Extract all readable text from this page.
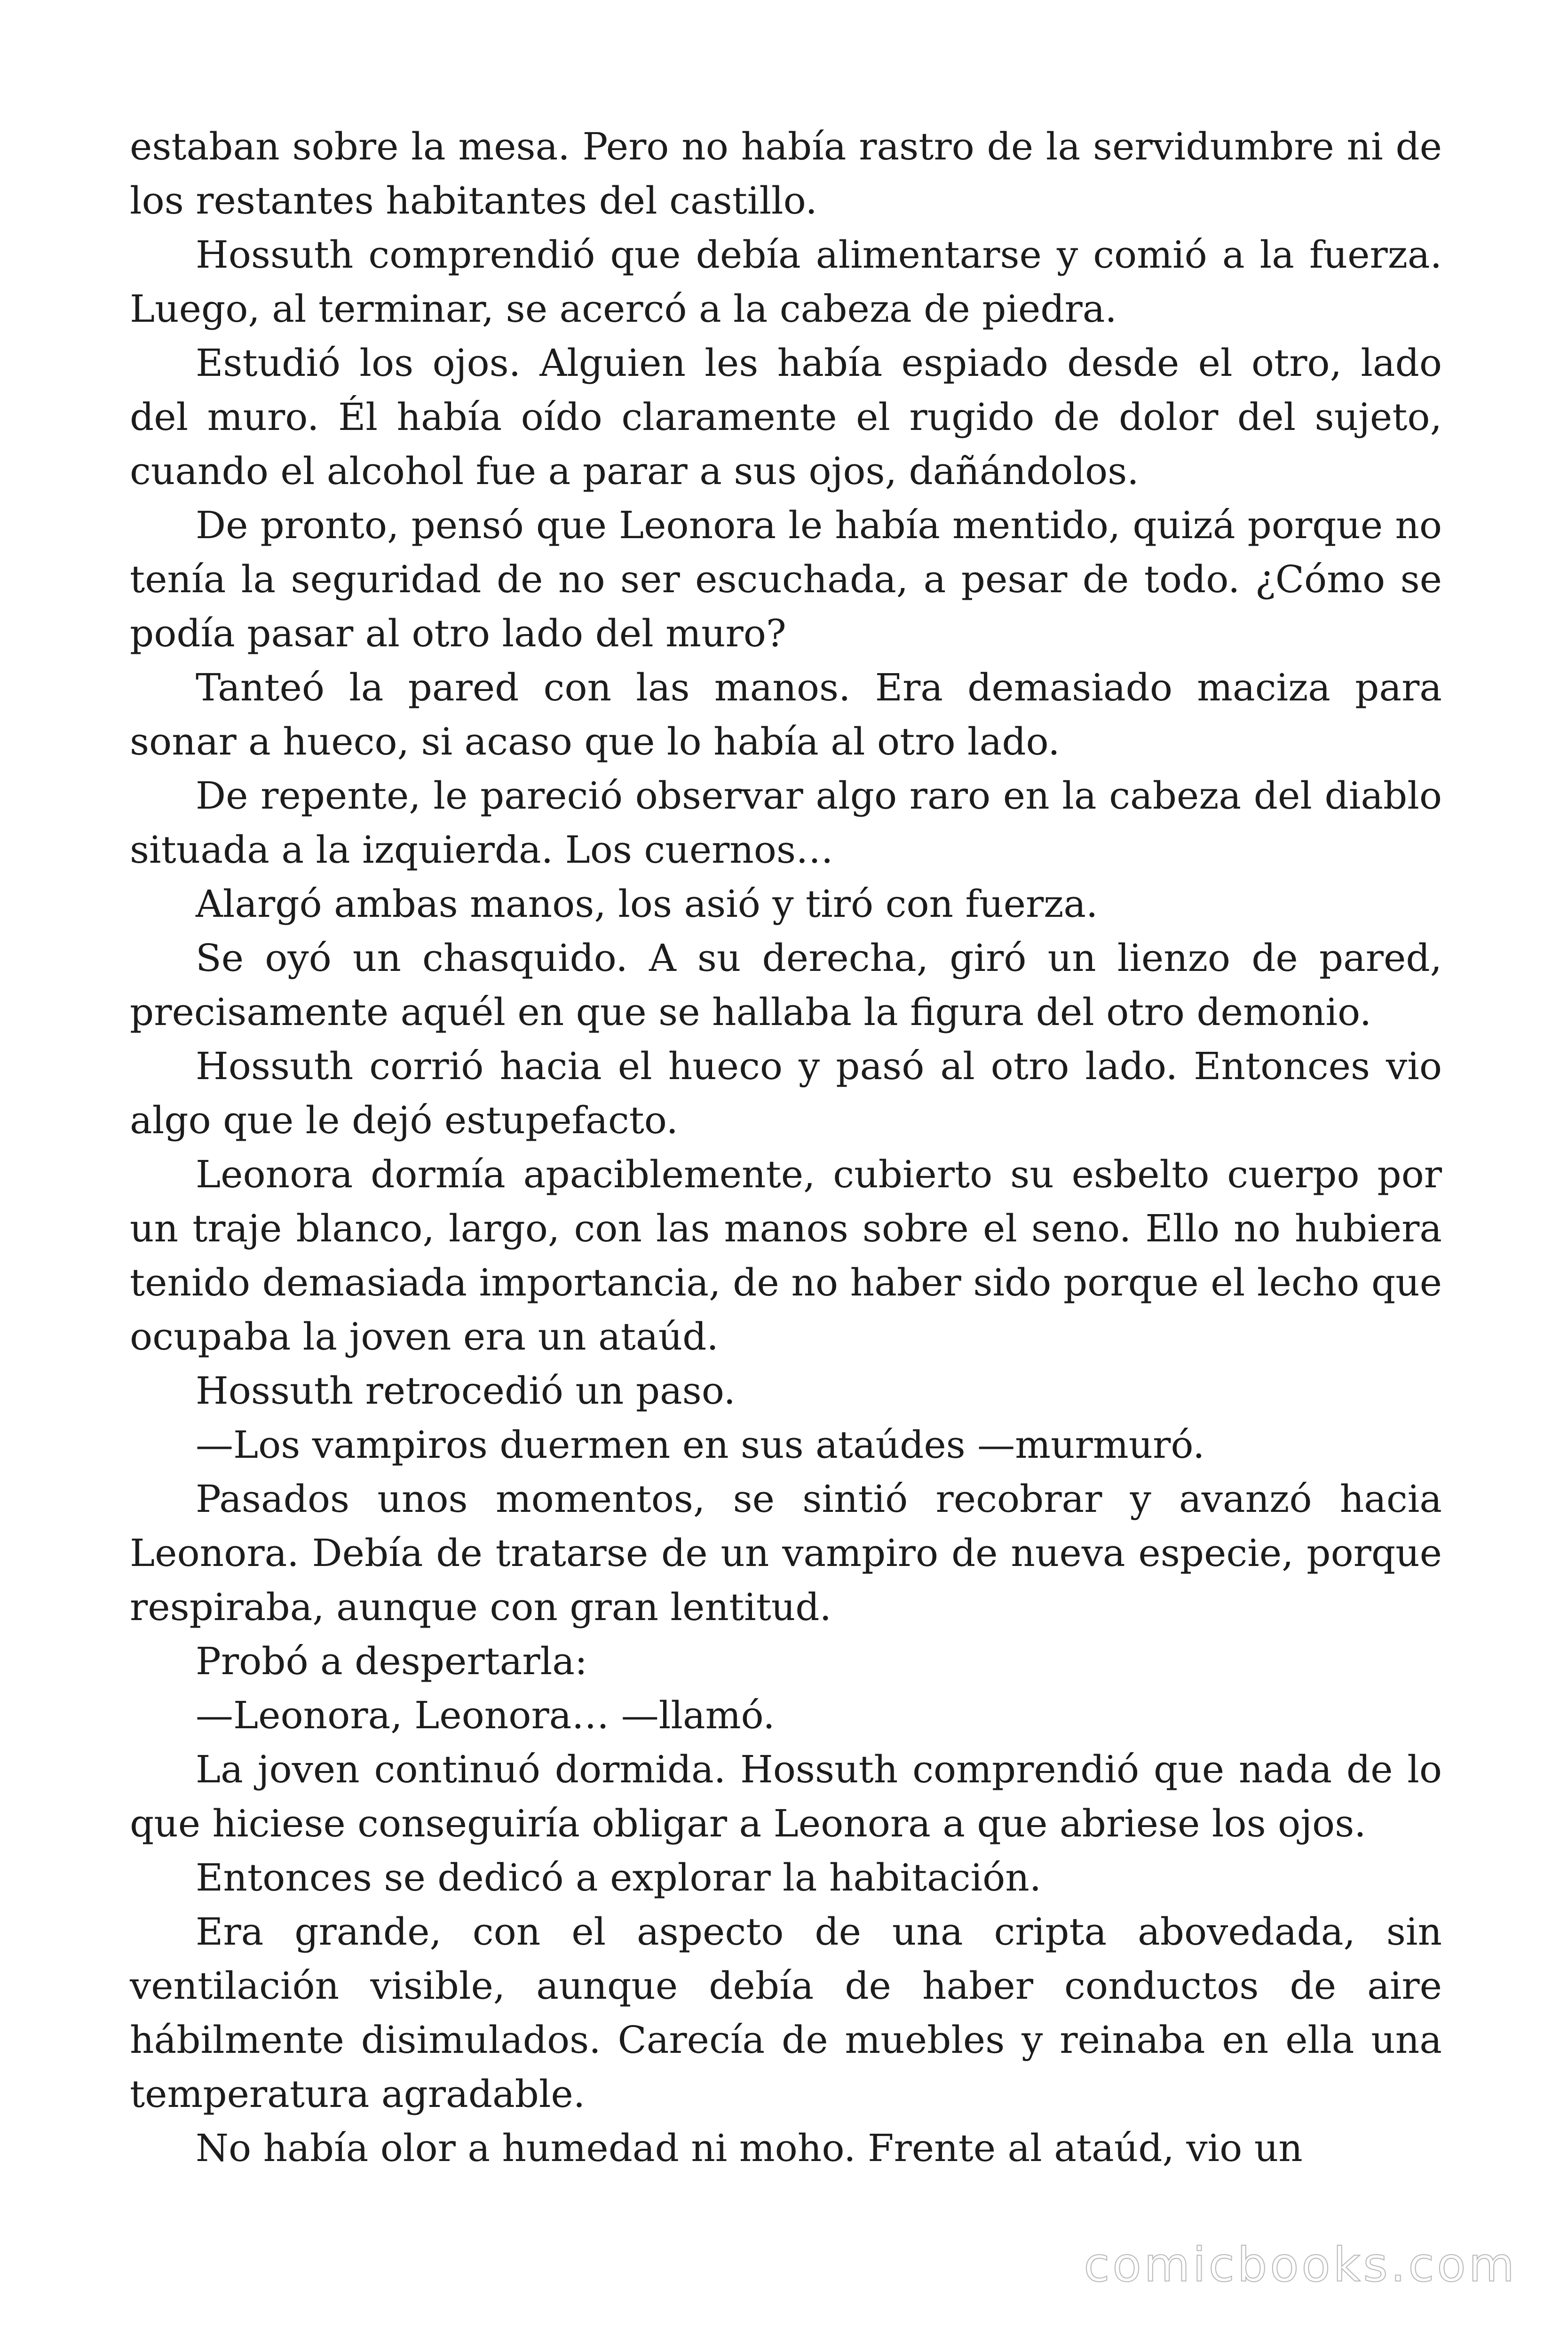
estaban sobre la mesa. Pero no había rastro de la servidumbre ni de los restantes habitantes del castillo.

Hossuth comprendió que debía alimentarse y comió a la fuerza. Luego, al terminar, se acercó a la cabeza de piedra.

Estudió los ojos. Alguien les había espiado desde el otro, lado del muro. Él había oído claramente el rugido de dolor del sujeto, cuando el alcohol fue a parar a sus ojos, dañándolos.

De pronto, pensó que Leonora le había mentido, quizá porque no tenía la seguridad de no ser escuchada, a pesar de todo. ¿Cómo se podía pasar al otro lado del muro?

Tanteó la pared con las manos. Era demasiado maciza para sonar a hueco, si acaso que lo había al otro lado.

De repente, le pareció observar algo raro en la cabeza del diablo situada a la izquierda. Los cuernos…

Alargó ambas manos, los asió y tiró con fuerza.

Se oyó un chasquido. A su derecha, giró un lienzo de pared, precisamente aquél en que se hallaba la figura del otro demonio.

Hossuth corrió hacia el hueco y pasó al otro lado. Entonces vio algo que le dejó estupefacto.

Leonora dormía apaciblemente, cubierto su esbelto cuerpo por un traje blanco, largo, con las manos sobre el seno. Ello no hubiera tenido demasiada importancia, de no haber sido porque el lecho que ocupaba la joven era un ataúd.

Hossuth retrocedió un paso.

—Los vampiros duermen en sus ataúdes —murmuró.

Pasados unos momentos, se sintió recobrar y avanzó hacia Leonora. Debía de tratarse de un vampiro de nueva especie, porque respiraba, aunque con gran lentitud.

Probó a despertarla:

—Leonora, Leonora… —llamó.

La joven continuó dormida. Hossuth comprendió que nada de lo que hiciese conseguiría obligar a Leonora a que abriese los ojos.

Entonces se dedicó a explorar la habitación.

Era grande, con el aspecto de una cripta abovedada, sin ventilación visible, aunque debía de haber conductos de aire hábilmente disimulados. Carecía de muebles y reinaba en ella una temperatura agradable.

No había olor a humedad ni moho. Frente al ataúd, vio un

comicbooks.com
